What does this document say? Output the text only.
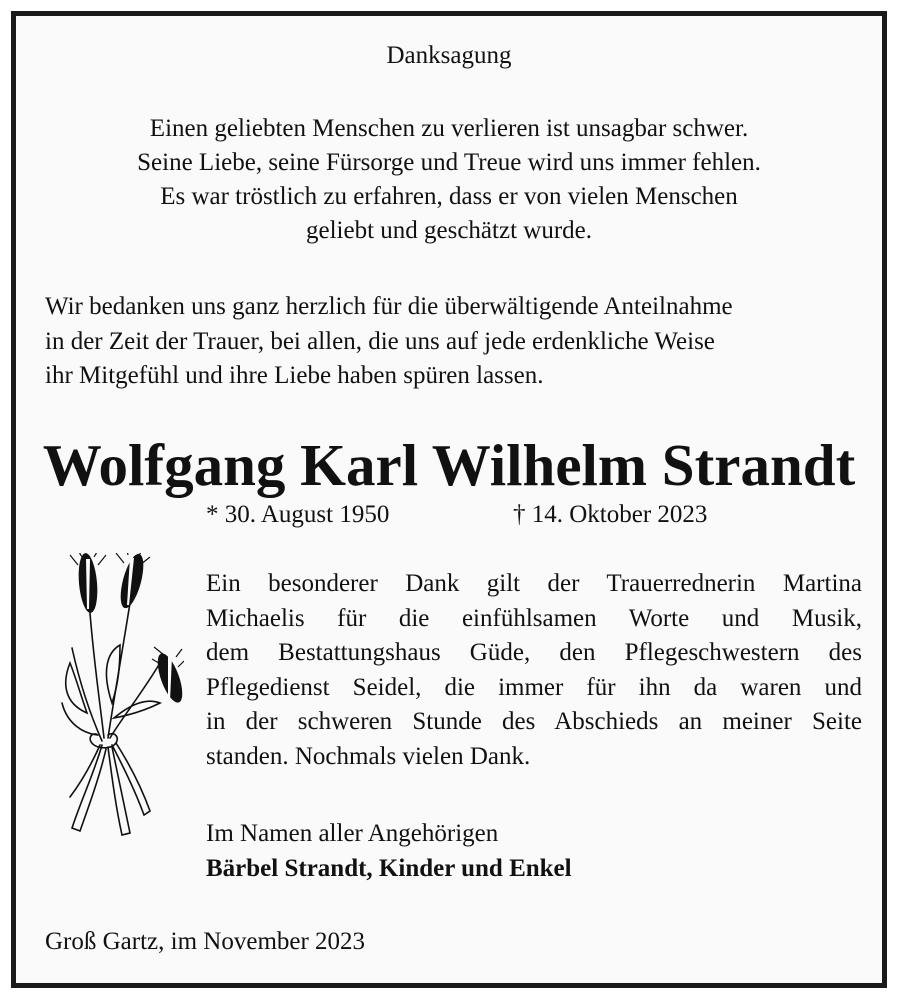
Danksagung
Einen geliebten Menschen zu verlieren ist unsagbar schwer.
Seine Liebe, seine Fürsorge und Treue wird uns immer fehlen.
Es war tröstlich zu erfahren, dass er von vielen Menschen
geliebt und geschätzt wurde.
Wir bedanken uns ganz herzlich für die überwältigende Anteilnahme
in der Zeit der Trauer, bei allen, die uns auf jede erdenkliche Weise
ihr Mitgefühl und ihre Liebe haben spüren lassen.
Wolfgang Karl Wilhelm Strandt
* 30. August 1950	† 14. Oktober 2023
Ein besonderer Dank gilt der Trauerrednerin Martina
Michaelis für die einfühlsamen Worte und Musik,
dem Bestattungshaus Güde, den Pflegeschwestern des
Pflegedienst Seidel, die immer für ihn da waren und
in der schweren Stunde des Abschieds an meiner Seite
standen. Nochmals vielen Dank.
Im Namen aller Angehörigen
Bärbel Strandt, Kinder und Enkel
Groß Gartz, im November 2023
